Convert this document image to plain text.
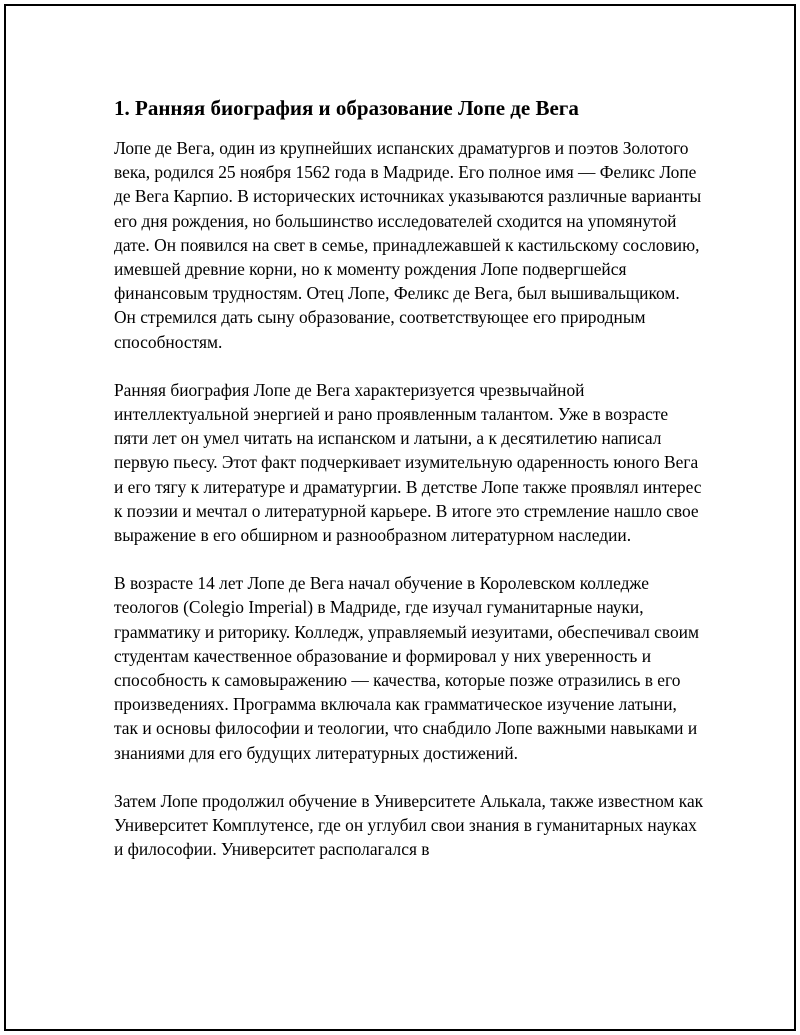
1. Ранняя биография и образование Лопе де Вега

Лопе де Вега, один из крупнейших испанских драматургов и поэтов Золотого века, родился 25 ноября 1562 года в Мадриде. Его полное имя — Феликс Лопе де Вега Карпио. В исторических источниках указываются различные варианты его дня рождения, но большинство исследователей сходится на упомянутой дате. Он появился на свет в семье, принадлежавшей к кастильскому сословию, имевшей древние корни, но к моменту рождения Лопе подвергшейся финансовым трудностям. Отец Лопе, Феликс де Вега, был вышивальщиком. Он стремился дать сыну образование, соответствующее его природным способностям.

Ранняя биография Лопе де Вега характеризуется чрезвычайной интеллектуальной энергией и рано проявленным талантом. Уже в возрасте пяти лет он умел читать на испанском и латыни, а к десятилетию написал первую пьесу. Этот факт подчеркивает изумительную одаренность юного Вега и его тягу к литературе и драматургии. В детстве Лопе также проявлял интерес к поэзии и мечтал о литературной карьере. В итоге это стремление нашло свое выражение в его обширном и разнообразном литературном наследии.

В возрасте 14 лет Лопе де Вега начал обучение в Королевском колледже теологов (Colegio Imperial) в Мадриде, где изучал гуманитарные науки, грамматику и риторику. Колледж, управляемый иезуитами, обеспечивал своим студентам качественное образование и формировал у них уверенность и способность к самовыражению — качества, которые позже отразились в его произведениях. Программа включала как грамматическое изучение латыни, так и основы философии и теологии, что снабдило Лопе важными навыками и знаниями для его будущих литературных достижений.

Затем Лопе продолжил обучение в Университете Алькала, также известном как Университет Комплутенсе, где он углубил свои знания в гуманитарных науках и философии. Университет располагался в
